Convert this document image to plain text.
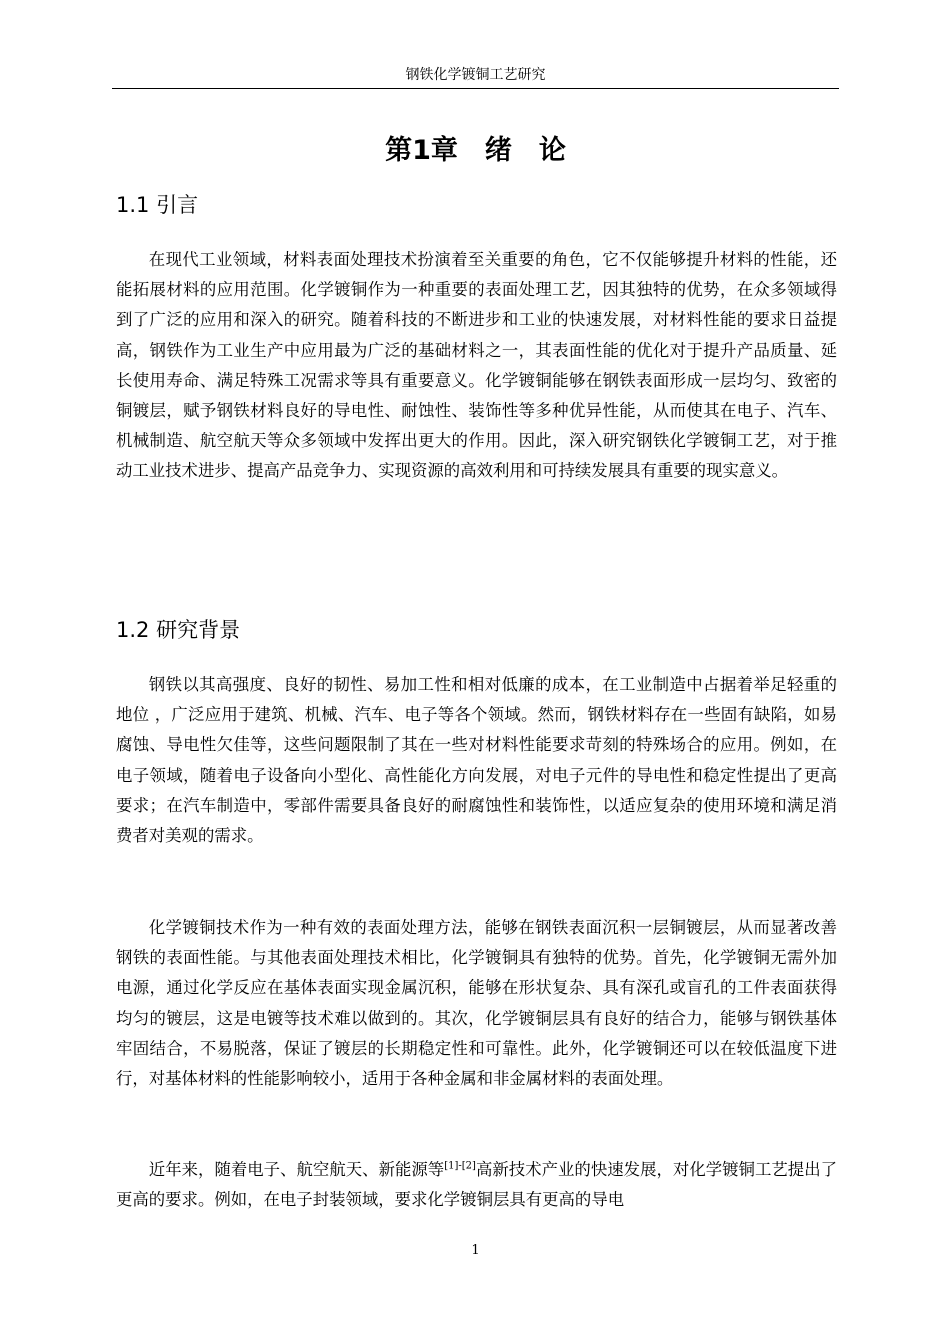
钢铁化学镀铜工艺研究
第1章　绪　论
1.1 引言

在现代工业领域，材料表面处理技术扮演着至关重要的角色，它不仅能够提升材料的性能，还能拓展材料的应用范围。化学镀铜作为一种重要的表面处理工艺，因其独特的优势，在众多领域得到了广泛的应用和深入的研究。随着科技的不断进步和工业的快速发展，对材料性能的要求日益提高，钢铁作为工业生产中应用最为广泛的基础材料之一，其表面性能的优化对于提升产品质量、延长使用寿命、满足特殊工况需求等具有重要意义。化学镀铜能够在钢铁表面形成一层均匀、致密的铜镀层，赋予钢铁材料良好的导电性、耐蚀性、装饰性等多种优异性能，从而使其在电子、汽车、机械制造、航空航天等众多领域中发挥出更大的作用。因此，深入研究钢铁化学镀铜工艺，对于推动工业技术进步、提高产品竞争力、实现资源的高效利用和可持续发展具有重要的现实意义。

1.2 研究背景

钢铁以其高强度、良好的韧性、易加工性和相对低廉的成本，在工业制造中占据着举足轻重的地位 ，广泛应用于建筑、机械、汽车、电子等各个领域。然而，钢铁材料存在一些固有缺陷，如易腐蚀、导电性欠佳等，这些问题限制了其在一些对材料性能要求苛刻的特殊场合的应用。例如，在电子领域，随着电子设备向小型化、高性能化方向发展，对电子元件的导电性和稳定性提出了更高要求；在汽车制造中，零部件需要具备良好的耐腐蚀性和装饰性，以适应复杂的使用环境和满足消费者对美观的需求。

化学镀铜技术作为一种有效的表面处理方法，能够在钢铁表面沉积一层铜镀层，从而显著改善钢铁的表面性能。与其他表面处理技术相比，化学镀铜具有独特的优势。首先，化学镀铜无需外加电源，通过化学反应在基体表面实现金属沉积，能够在形状复杂、具有深孔或盲孔的工件表面获得均匀的镀层，这是电镀等技术难以做到的。其次，化学镀铜层具有良好的结合力，能够与钢铁基体牢固结合，不易脱落，保证了镀层的长期稳定性和可靠性。此外，化学镀铜还可以在较低温度下进行，对基体材料的性能影响较小，适用于各种金属和非金属材料的表面处理。

近年来，随着电子、航空航天、新能源等[1]-[2]高新技术产业的快速发展，对化学镀铜工艺提出了更高的要求。例如，在电子封装领域，要求化学镀铜层具有更高的导电

1
